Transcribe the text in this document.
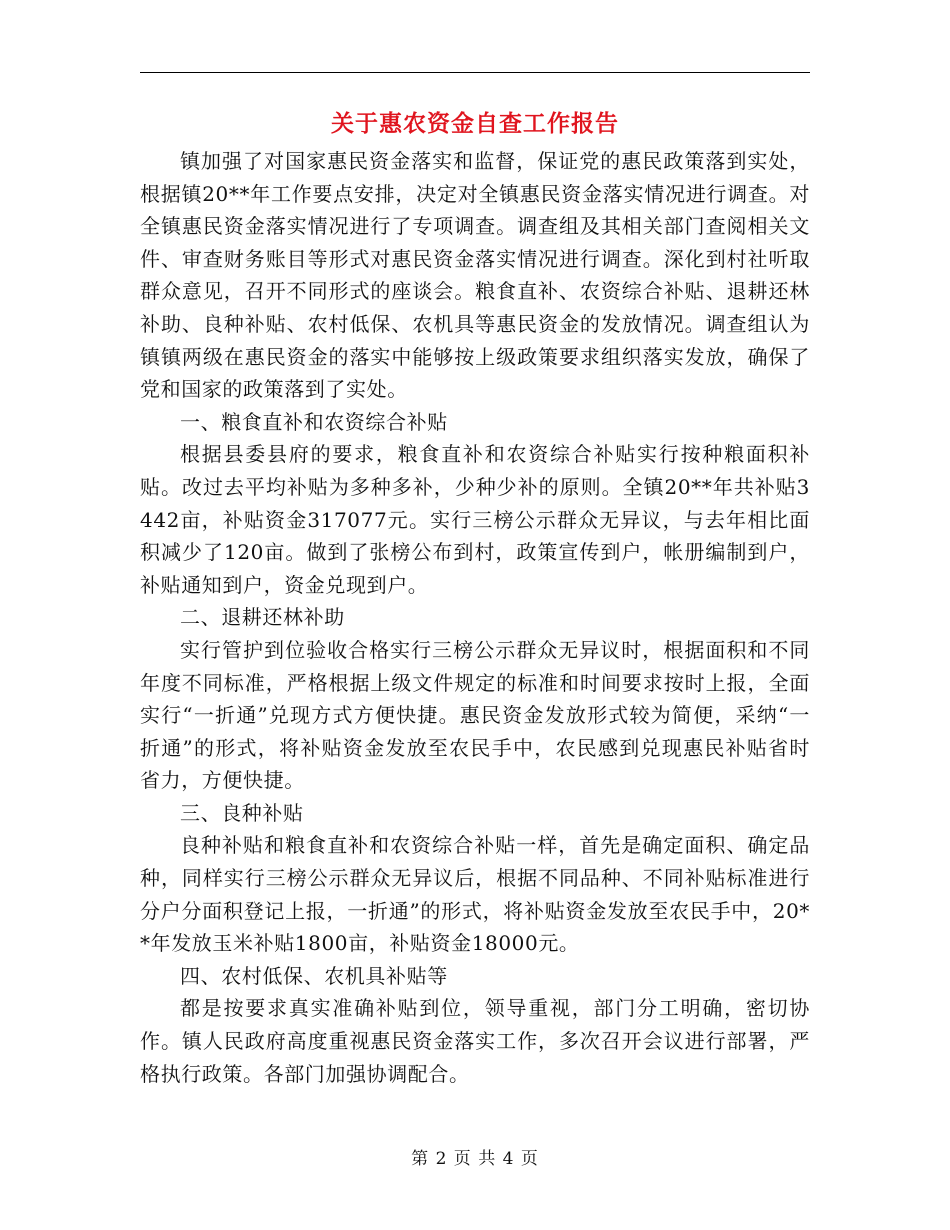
关于惠农资金自查工作报告

镇加强了对国家惠民资金落实和监督，保证党的惠民政策落到实处，根据镇20**年工作要点安排，决定对全镇惠民资金落实情况进行调查。对全镇惠民资金落实情况进行了专项调查。调查组及其相关部门查阅相关文件、审查财务账目等形式对惠民资金落实情况进行调查。深化到村社听取群众意见，召开不同形式的座谈会。粮食直补、农资综合补贴、退耕还林补助、良种补贴、农村低保、农机具等惠民资金的发放情况。调查组认为镇镇两级在惠民资金的落实中能够按上级政策要求组织落实发放，确保了党和国家的政策落到了实处。

一、粮食直补和农资综合补贴

根据县委县府的要求，粮食直补和农资综合补贴实行按种粮面积补贴。改过去平均补贴为多种多补，少种少补的原则。全镇20**年共补贴3442亩，补贴资金317077元。实行三榜公示群众无异议，与去年相比面积减少了120亩。做到了张榜公布到村，政策宣传到户，帐册编制到户，补贴通知到户，资金兑现到户。

二、退耕还林补助

实行管护到位验收合格实行三榜公示群众无异议时，根据面积和不同年度不同标准，严格根据上级文件规定的标准和时间要求按时上报，全面实行“一折通”兑现方式方便快捷。惠民资金发放形式较为简便，采纳“一折通”的形式，将补贴资金发放至农民手中，农民感到兑现惠民补贴省时省力，方便快捷。

三、良种补贴

良种补贴和粮食直补和农资综合补贴一样，首先是确定面积、确定品种，同样实行三榜公示群众无异议后，根据不同品种、不同补贴标准进行分户分面积登记上报，一折通”的形式，将补贴资金发放至农民手中，20**年发放玉米补贴1800亩，补贴资金18000元。

四、农村低保、农机具补贴等

都是按要求真实准确补贴到位，领导重视，部门分工明确，密切协作。镇人民政府高度重视惠民资金落实工作，多次召开会议进行部署，严格执行政策。各部门加强协调配合。

第 2 页 共 4 页
